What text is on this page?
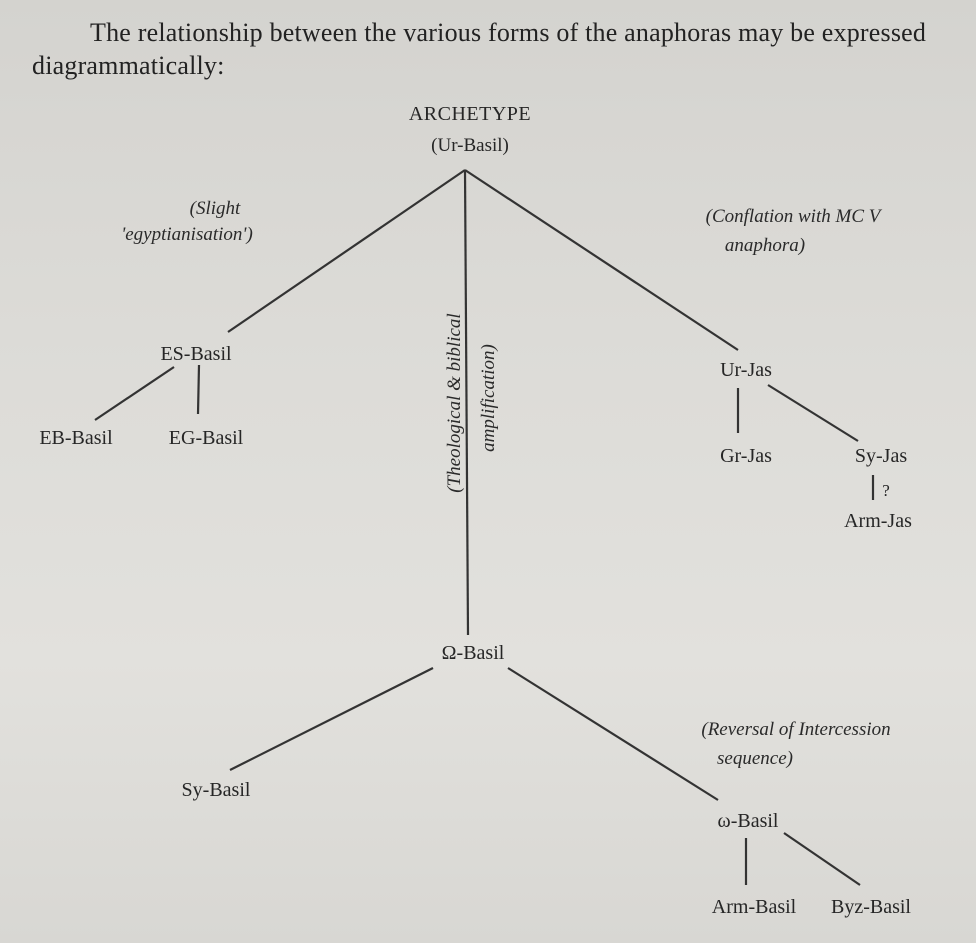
The relationship between the various forms of the anaphoras may be expressed diagrammatically:
ARCHETYPE
(Ur-Basil)
ES-Basil
EB-Basil	EG-Basil
Ur-Jas
Gr-Jas	Sy-Jas
?
Arm-Jas
Ω-Basil
Sy-Basil
ω-Basil
Arm-Basil Byz-Basil
(Slight
'egyptianisation')
(Conflation with MC V
anaphora)
(Theological & biblical amplification)
(Reversal of Intercession
sequence)
